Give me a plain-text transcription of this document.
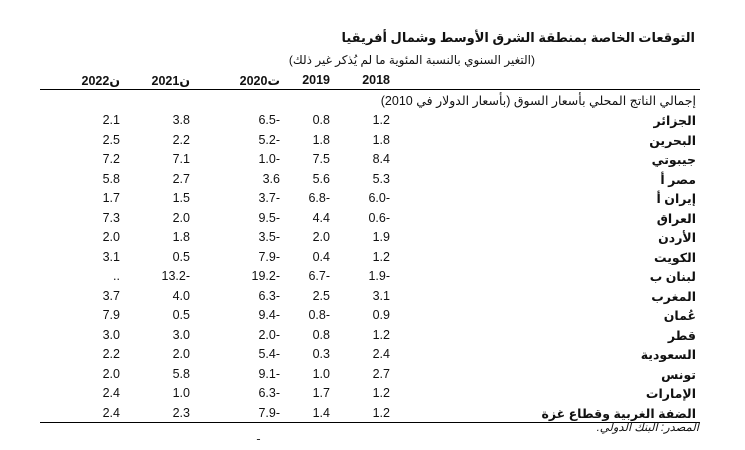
التوقعات الخاصة بمنطقة الشرق الأوسط وشمال أفريقيا
(التغير السنوي بالنسبة المئوية ما لم يُذكر غير ذلك)
2018
2019
2020ت
2021ن
2022ن
إجمالي الناتج المحلي بأسعار السوق (بأسعار الدولار في 2010)
الجزائر
1.2
0.8
6.5-
3.8
2.1
البحرين
1.8
1.8
5.2-
2.2
2.5
جيبوتي
8.4
7.5
1.0-
7.1
7.2
مصر أ
5.3
5.6
3.6
2.7
5.8
إيران أ
6.0-
6.8-
3.7-
1.5
1.7
العراق
0.6-
4.4
9.5-
2.0
7.3
الأردن
1.9
2.0
3.5-
1.8
2.0
الكويت
1.2
0.4
7.9-
0.5
3.1
لبنان ب
1.9-
6.7-
19.2-
13.2-
..
المغرب
3.1
2.5
6.3-
4.0
3.7
عُمان
0.9
0.8-
9.4-
0.5
7.9
قطر
1.2
0.8
2.0-
3.0
3.0
السعودية
2.4
0.3
5.4-
2.0
2.2
تونس
2.7
1.0
9.1-
5.8
2.0
الإمارات
1.2
1.7
6.3-
1.0
2.4
الضفة الغربية وقطاع غزة
1.2
1.4
7.9-
2.3
2.4
المصدر: البنك الدولي.
ـ
